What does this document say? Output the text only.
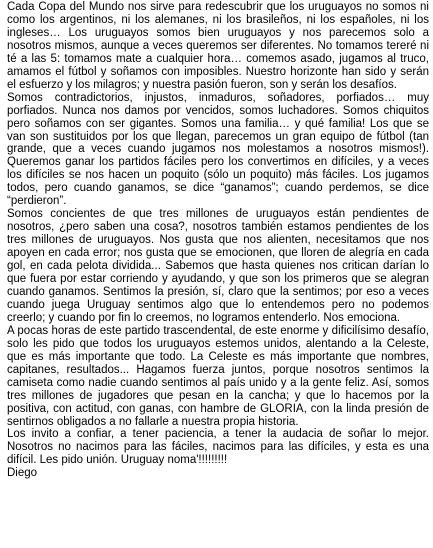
Cada Copa del Mundo nos sirve para redescubrir que los uruguayos no somos ni como los argentinos, ni los alemanes, ni los brasileños, ni los españoles, ni los ingleses… Los uruguayos somos bien uruguayos y nos parecemos solo a nosotros mismos, aunque a veces queremos ser diferentes. No tomamos tereré ni té a las 5: tomamos mate a cualquier hora… comemos asado, jugamos al truco, amamos el fútbol y soñamos con imposibles. Nuestro horizonte han sido y serán el esfuerzo y los milagros; y nuestra pasión fueron, son y serán los desafíos.

Somos contradictorios, injustos, inmaduros, soñadores, porfiados… muy porfiados. Nunca nos damos por vencidos, somos luchadores. Somos chiquitos pero soñamos con ser gigantes. Somos una familia… y qué familia! Los que se van son sustituidos por los que llegan, parecemos un gran equipo de fútbol (tan grande, que a veces cuando jugamos nos molestamos a nosotros mismos!). Queremos ganar los partidos fáciles pero los convertimos en difíciles, y a veces los difíciles se nos hacen un poquito (sólo un poquito) más fáciles. Los jugamos todos, pero cuando ganamos, se dice “ganamos”; cuando perdemos, se dice “perdieron”.

Somos concientes de que tres millones de uruguayos están pendientes de nosotros, ¿pero saben una cosa?, nosotros también estamos pendientes de los tres millones de uruguayos. Nos gusta que nos alienten, necesitamos que nos apoyen en cada error; nos gusta que se emocionen, que lloren de alegría en cada gol, en cada pelota dividida... Sabemos que hasta quienes nos critican darían lo que fuera por estar corriendo y ayudando, y que son los primeros que se alegran cuando ganamos. Sentimos la presión, sí, claro que la sentimos; por eso a veces cuando juega Uruguay sentimos algo que lo entendemos pero no podemos creerlo; y cuando por fin lo creemos, no logramos entenderlo. Nos emociona.

A pocas horas de este partido trascendental, de este enorme y dificilísimo desafío, solo les pido que todos los uruguayos estemos unidos, alentando a la Celeste, que es más importante que todo. La Celeste es más importante que nombres, capitanes, resultados... Hagamos fuerza juntos, porque nosotros sentimos la camiseta como nadie cuando sentimos al país unido y a la gente feliz. Así, somos tres millones de jugadores que pesan en la cancha; y que lo hacemos por la positiva, con actitud, con ganas, con hambre de GLORIA, con la linda presión de sentirnos obligados a no fallarle a nuestra propia historia.

Los invito a confiar, a tener paciencia, a tener la audacia de soñar lo mejor. Nosotros no nacimos para las fáciles, nacimos para las difíciles, y esta es una difícil. Les pido unión. Uruguay noma'!!!!!!!!!

Diego
